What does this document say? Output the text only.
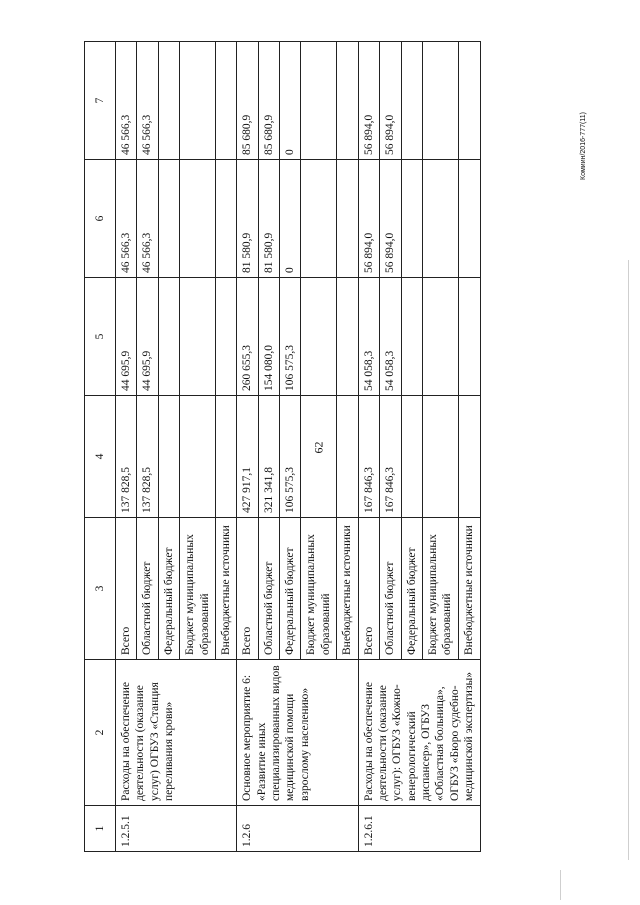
62
Комиин/2016-777(11)
1	2	3	4	5	6	7
1.2.5.1	Расходы на обеспечение деятельности (оказание услуг) ОГБУЗ «Станция переливания крови»	Всего	137 828,5	44 695,9	46 566,3	46 566,3
		Областной бюджет	137 828,5	44 695,9	46 566,3	46 566,3
		Федеральный бюджет				
		Бюджет муниципальных образований				
		Внебюджетные источники				
1.2.6	Основное мероприятие 6: «Развитие иных специализированных видов медицинской помощи взрослому населению»	Всего	427 917,1	260 655,3	81 580,9	85 680,9
		Областной бюджет	321 341,8	154 080,0	81 580,9	85 680,9
		Федеральный бюджет	106 575,3	106 575,3	0	0
		Бюджет муниципальных образований				
		Внебюджетные источники				
1.2.6.1	Расходы на обеспечение деятельности (оказание услуг): ОГБУЗ «Кожно-венерологический диспансер», ОГБУЗ «Областная больница», ОГБУЗ «Бюро судебно-медицинской экспертизы»	Всего	167 846,3	54 058,3	56 894,0	56 894,0
		Областной бюджет	167 846,3	54 058,3	56 894,0	56 894,0
		Федеральный бюджет				
		Бюджет муниципальных образований				
		Внебюджетные источники				
